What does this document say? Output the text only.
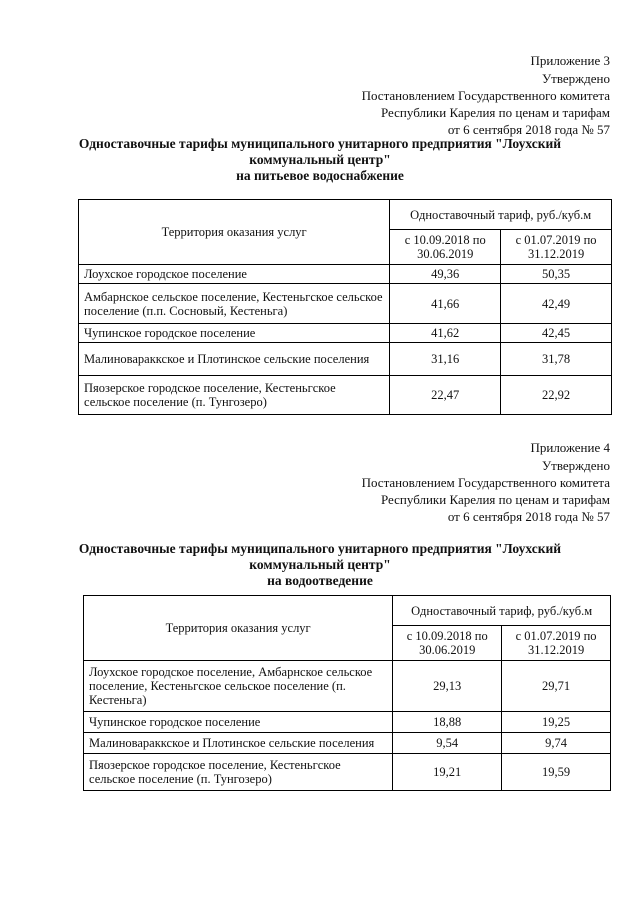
Приложение 3
Утверждено
Постановлением Государственного комитета
Республики Карелия по ценам и тарифам
от 6 сентября 2018 года № 57
Одноставочные тарифы муниципального унитарного предприятия "Лоухский
коммунальный центр"
на питьевое водоснабжение
Территория оказания услуг	Одноставочный тариф, руб./куб.м	
	с 10.09.2018 по 30.06.2019	с 01.07.2019 по 31.12.2019
Лоухское городское поселение	49,36	50,35
Амбарнское сельское поселение, Кестеньгское сельское поселение (п.п. Сосновый, Кестеньга)	41,66	42,49
Чупинское городское поселение	41,62	42,45
Малиновараккское и Плотинское сельские поселения	31,16	31,78
Пяозерское городское поселение, Кестеньгское сельское поселение (п. Тунгозеро)	22,47	22,92
Приложение 4
Утверждено
Постановлением Государственного комитета
Республики Карелия по ценам и тарифам
от 6 сентября 2018 года № 57
Одноставочные тарифы муниципального унитарного предприятия "Лоухский
коммунальный центр"
на водоотведение
Территория оказания услуг	Одноставочный тариф, руб./куб.м	
	с 10.09.2018 по 30.06.2019	с 01.07.2019 по 31.12.2019
Лоухское городское поселение, Амбарнское сельское поселение, Кестеньгское сельское поселение (п. Кестеньга)	29,13	29,71
Чупинское городское поселение	18,88	19,25
Малиновараккское и Плотинское сельские поселения	9,54	9,74
Пяозерское городское поселение, Кестеньгское сельское поселение (п. Тунгозеро)	19,21	19,59
